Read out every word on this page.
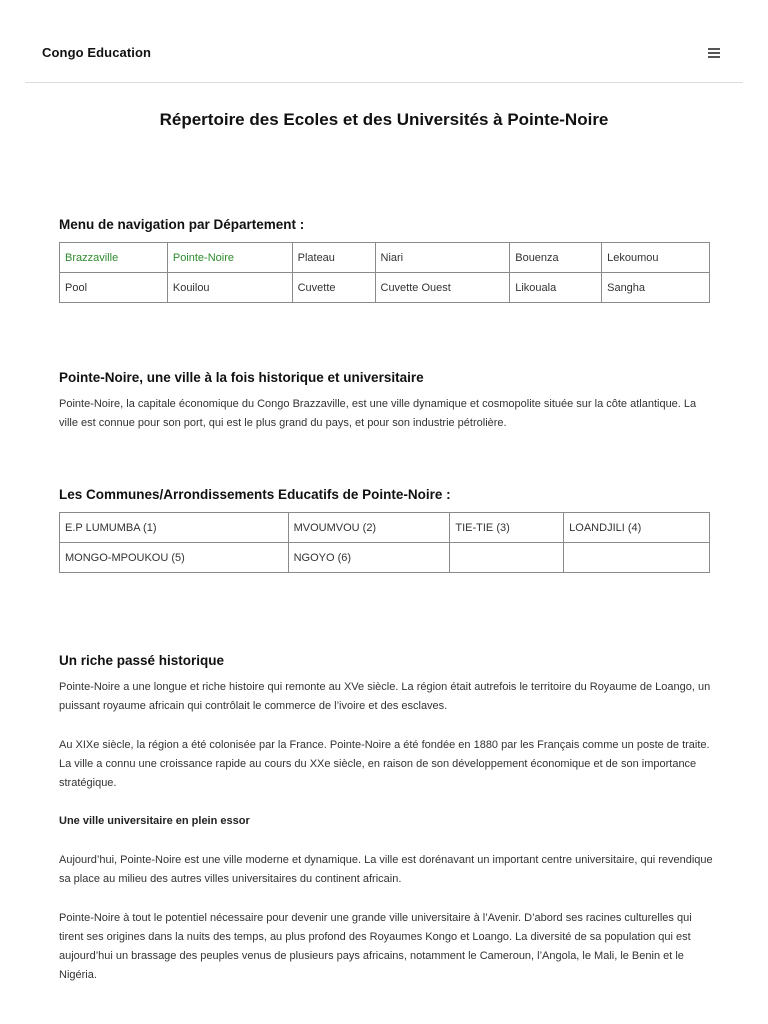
Congo Education
Répertoire des Ecoles et des Universités à Pointe-Noire
Menu de navigation par Département :
Brazzaville	Pointe-Noire	Plateau	Niari	Bouenza	Lekoumou
Pool	Kouilou	Cuvette	Cuvette Ouest	Likouala	Sangha
Pointe-Noire, une ville à la fois historique et universitaire

Pointe-Noire, la capitale économique du Congo Brazzaville, est une ville dynamique et cosmopolite située sur la côte atlantique. La ville est connue pour son port, qui est le plus grand du pays, et pour son industrie pétrolière.

Les Communes/Arrondissements Educatifs de Pointe-Noire :
E.P LUMUMBA (1)	MVOUMVOU (2)	TIE-TIE (3)	LOANDJILI (4)
MONGO-MPOUKOU (5)	NGOYO (6)		
Un riche passé historique

Pointe-Noire a une longue et riche histoire qui remonte au XVe siècle. La région était autrefois le territoire du Royaume de Loango, un puissant royaume africain qui contrôlait le commerce de l’ivoire et des esclaves.

Au XIXe siècle, la région a été colonisée par la France. Pointe-Noire a été fondée en 1880 par les Français comme un poste de traite. La ville a connu une croissance rapide au cours du XXe siècle, en raison de son développement économique et de son importance stratégique.

Une ville universitaire en plein essor

Aujourd’hui, Pointe-Noire est une ville moderne et dynamique. La ville est dorénavant un important centre universitaire, qui revendique sa place au milieu des autres villes universitaires du continent africain.

Pointe-Noire à tout le potentiel nécessaire pour devenir une grande ville universitaire à l’Avenir. D’abord ses racines culturelles qui tirent ses origines dans la nuits des temps, au plus profond des Royaumes Kongo et Loango. La diversité de sa population qui est aujourd’hui un brassage des peuples venus de plusieurs pays africains, notamment le Cameroun, l’Angola, le Mali, le Benin et le Nigéria.
